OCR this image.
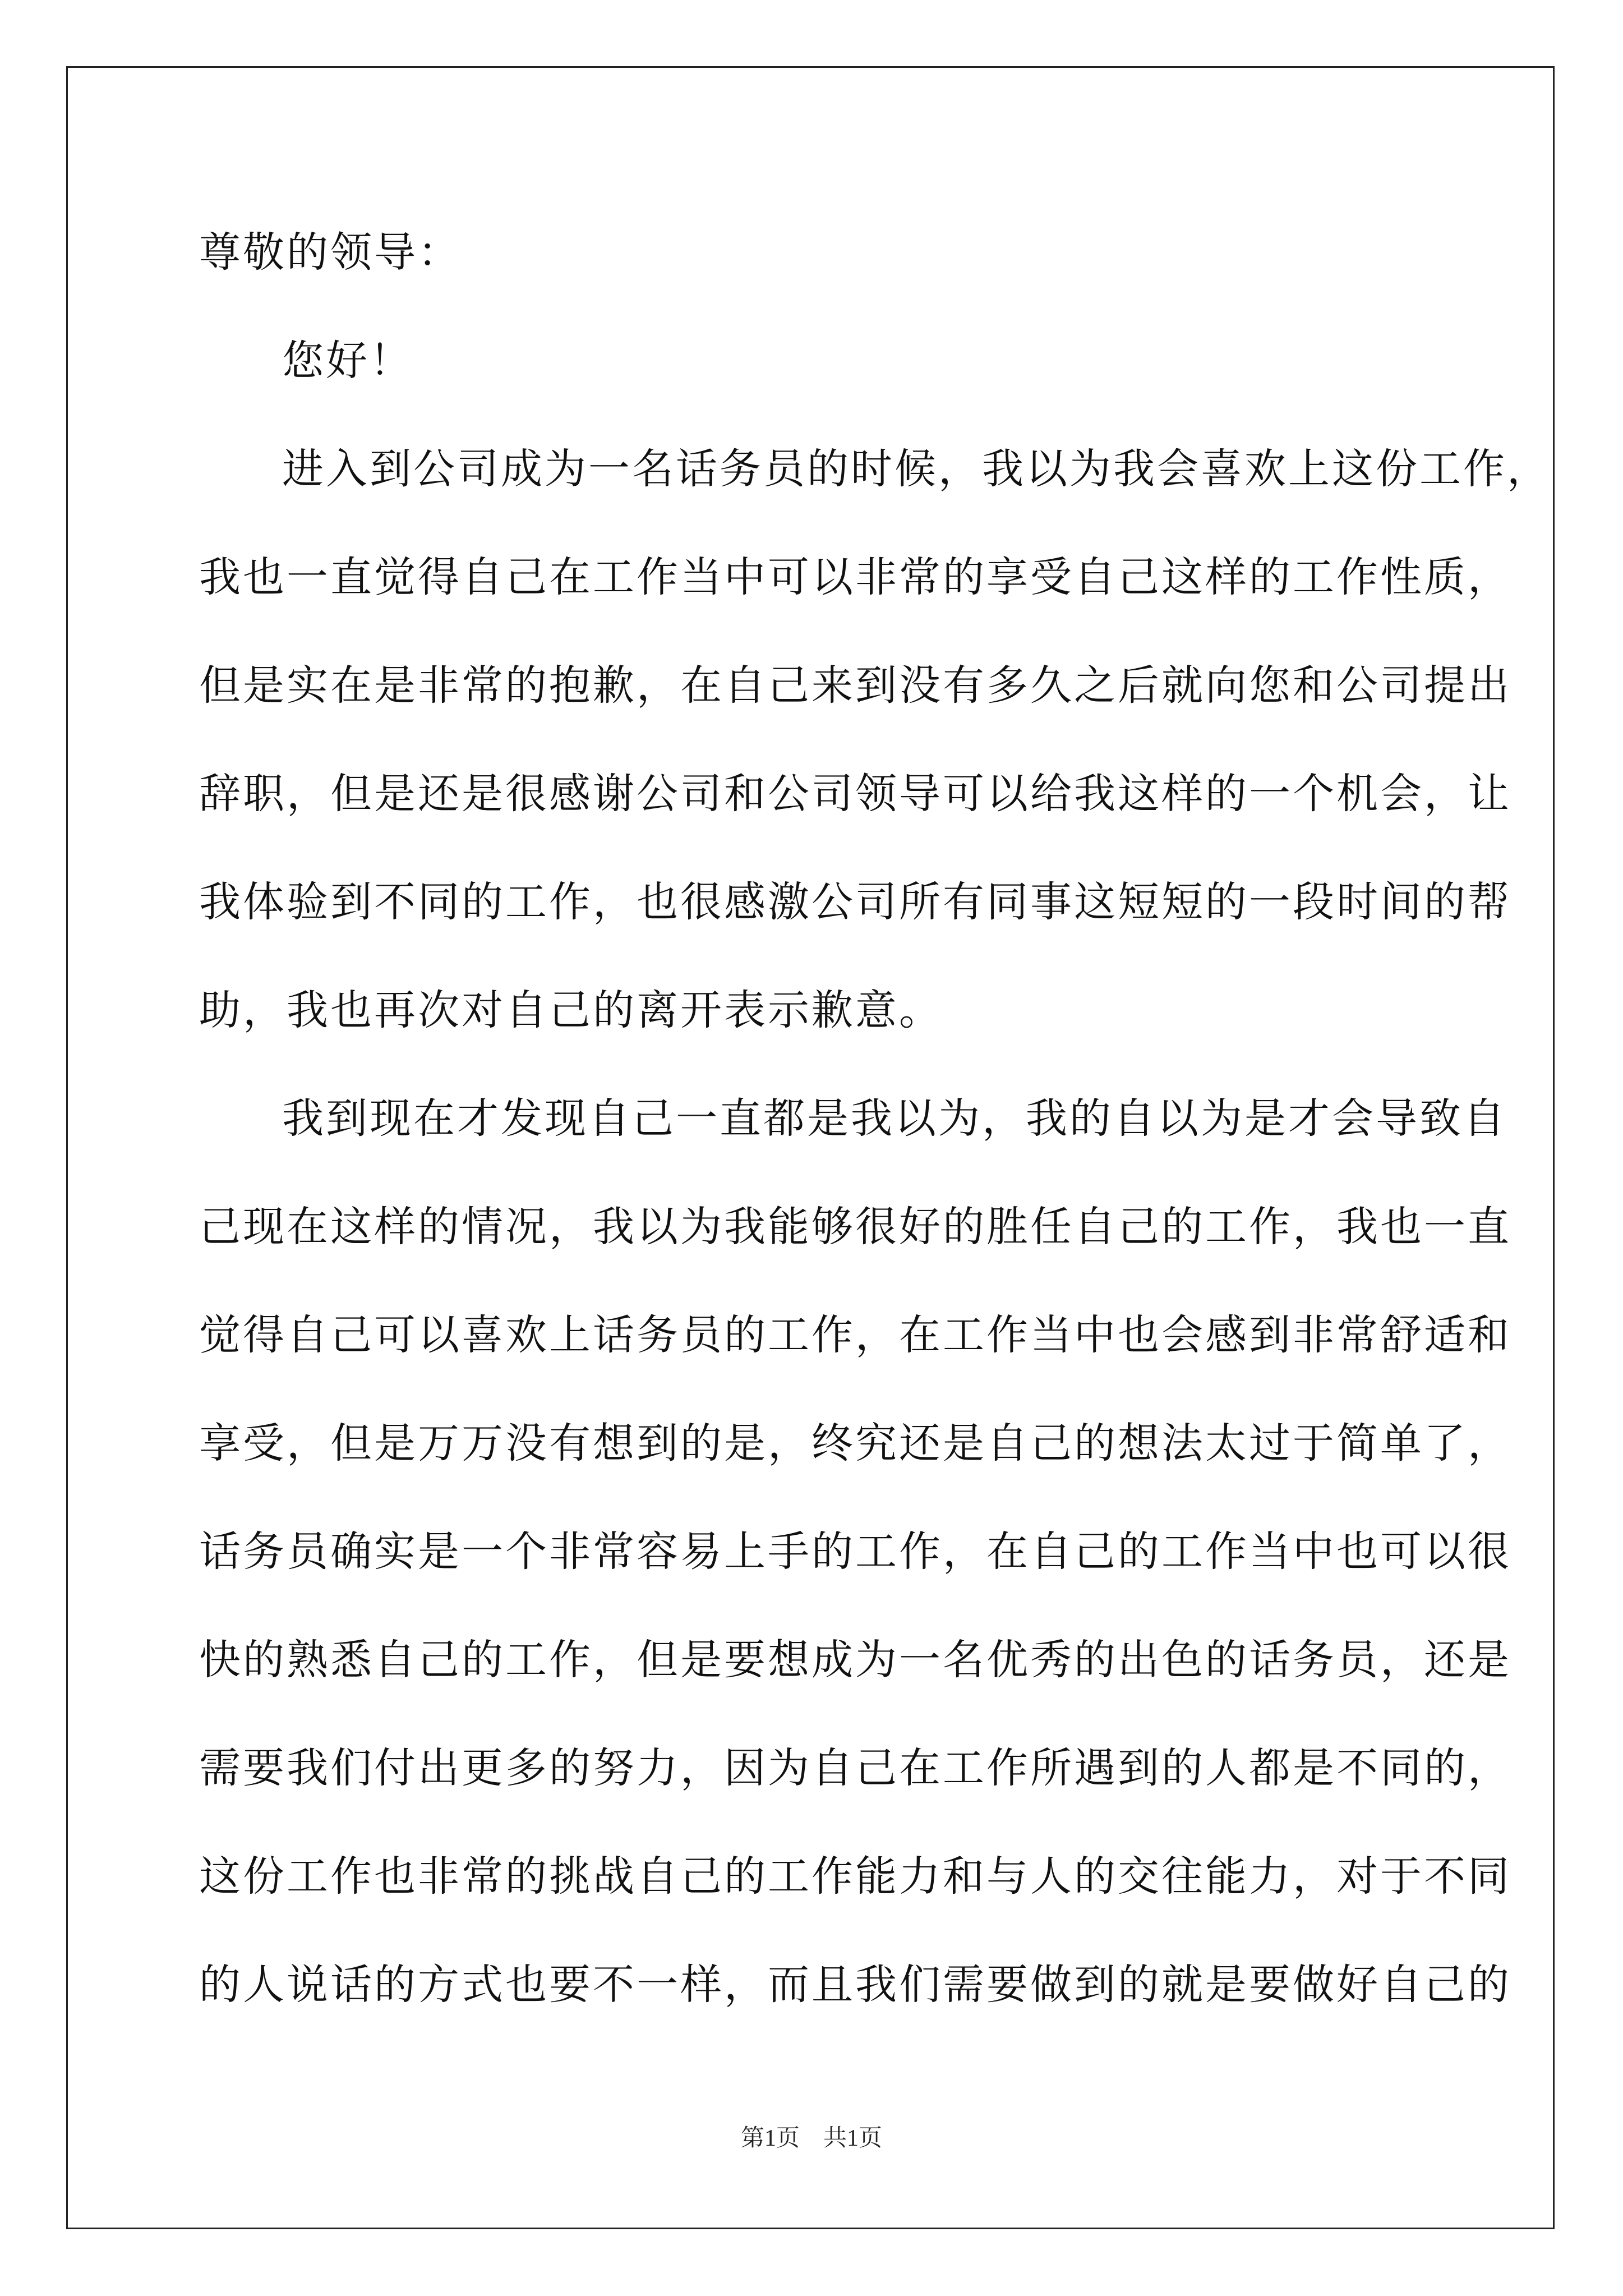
尊敬的领导：
您好！
进入到公司成为一名话务员的时候，我以为我会喜欢上这份工作，
我也一直觉得自己在工作当中可以非常的享受自己这样的工作性质，
但是实在是非常的抱歉，在自己来到没有多久之后就向您和公司提出
辞职，但是还是很感谢公司和公司领导可以给我这样的一个机会，让
我体验到不同的工作，也很感激公司所有同事这短短的一段时间的帮
助，我也再次对自己的离开表示歉意。
我到现在才发现自己一直都是我以为，我的自以为是才会导致自
己现在这样的情况，我以为我能够很好的胜任自己的工作，我也一直
觉得自己可以喜欢上话务员的工作，在工作当中也会感到非常舒适和
享受，但是万万没有想到的是，终究还是自己的想法太过于简单了，
话务员确实是一个非常容易上手的工作，在自己的工作当中也可以很
快的熟悉自己的工作，但是要想成为一名优秀的出色的话务员，还是
需要我们付出更多的努力，因为自己在工作所遇到的人都是不同的，
这份工作也非常的挑战自己的工作能力和与人的交往能力，对于不同
的人说话的方式也要不一样，而且我们需要做到的就是要做好自己的
第1页　共1页
